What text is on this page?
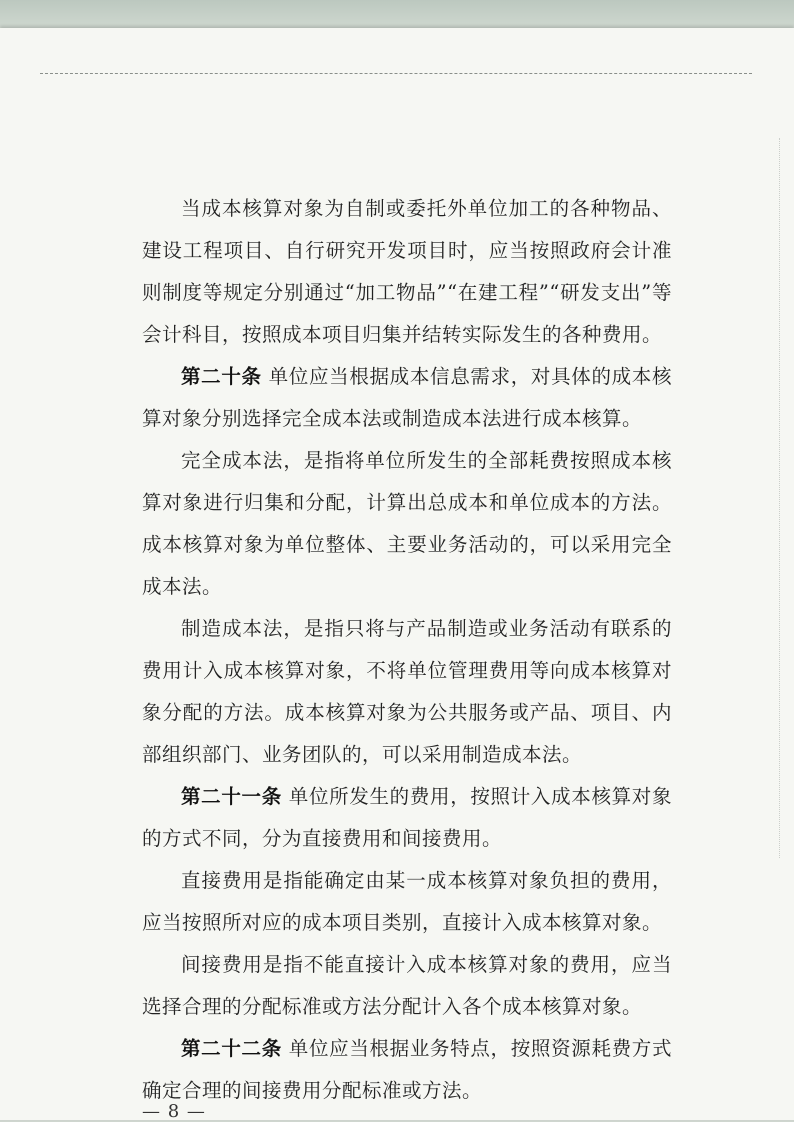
当成本核算对象为自制或委托外单位加工的各种物品、建设工程项目、自行研究开发项目时，应当按照政府会计准则制度等规定分别通过“加工物品”“在建工程”“研发支出”等会计科目，按照成本项目归集并结转实际发生的各种费用。

第二十条 单位应当根据成本信息需求，对具体的成本核算对象分别选择完全成本法或制造成本法进行成本核算。

完全成本法，是指将单位所发生的全部耗费按照成本核算对象进行归集和分配，计算出总成本和单位成本的方法。成本核算对象为单位整体、主要业务活动的，可以采用完全成本法。

制造成本法，是指只将与产品制造或业务活动有联系的费用计入成本核算对象，不将单位管理费用等向成本核算对象分配的方法。成本核算对象为公共服务或产品、项目、内部组织部门、业务团队的，可以采用制造成本法。

第二十一条 单位所发生的费用，按照计入成本核算对象的方式不同，分为直接费用和间接费用。

直接费用是指能确定由某一成本核算对象负担的费用，应当按照所对应的成本项目类别，直接计入成本核算对象。

间接费用是指不能直接计入成本核算对象的费用，应当选择合理的分配标准或方法分配计入各个成本核算对象。

第二十二条 单位应当根据业务特点，按照资源耗费方式确定合理的间接费用分配标准或方法。

— 8 —
